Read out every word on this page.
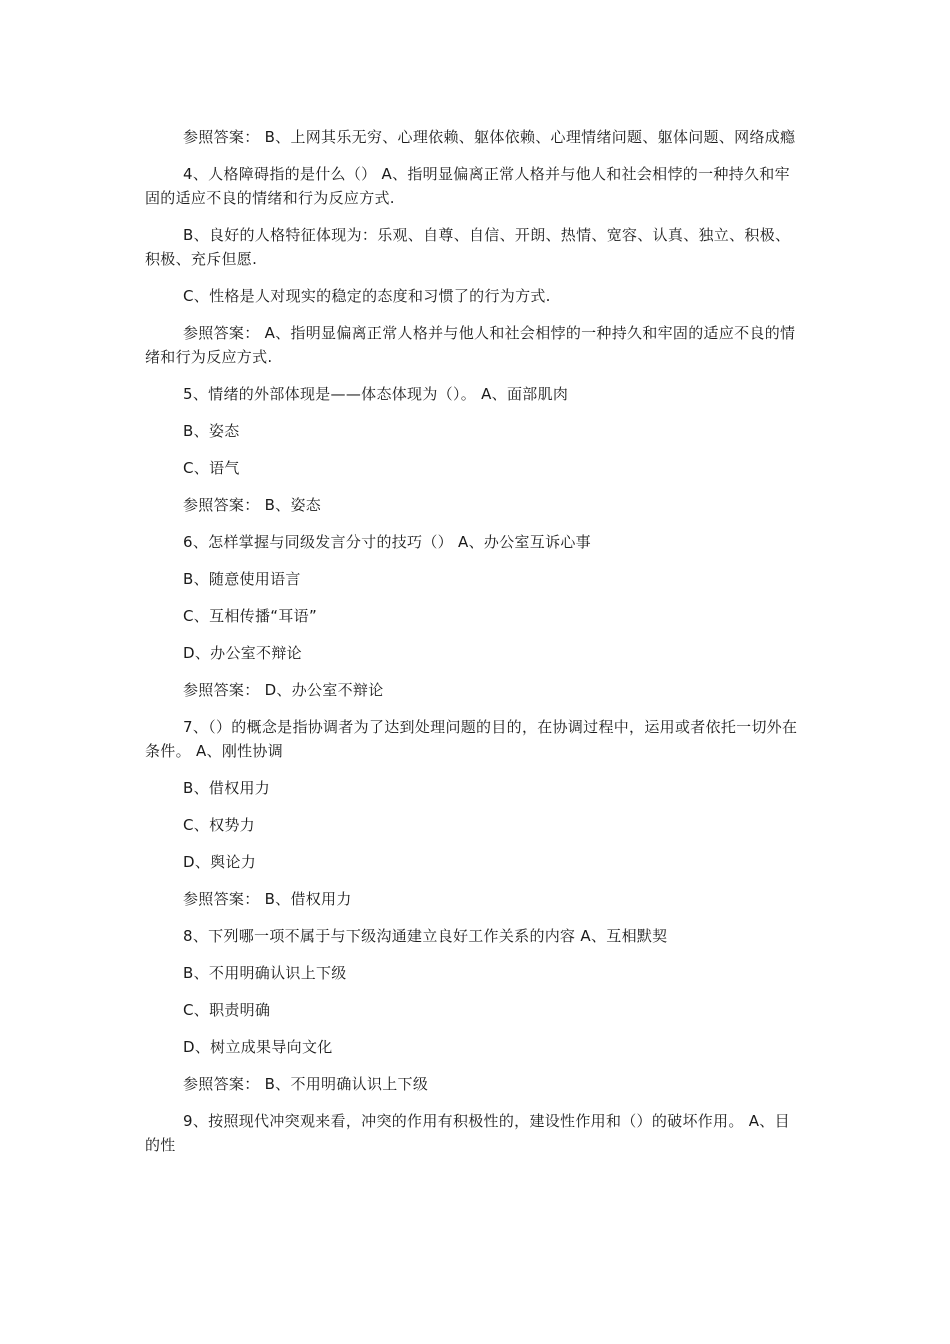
参照答案： B、上网其乐无穷、心理依赖、躯体依赖、心理情绪问题、躯体问题、网络成瘾

4、人格障碍指的是什么（） A、指明显偏离正常人格并与他人和社会相悖的一种持久和牢固的适应不良的情绪和行为反应方式.

B、良好的人格特征体现为：乐观、自尊、自信、开朗、热情、宽容、认真、独立、积极、积极、充斥但愿.

C、性格是人对现实的稳定的态度和习惯了的行为方式.

参照答案： A、指明显偏离正常人格并与他人和社会相悖的一种持久和牢固的适应不良的情绪和行为反应方式.

5、情绪的外部体现是——体态体现为（）。 A、面部肌肉

B、姿态

C、语气

参照答案： B、姿态

6、怎样掌握与同级发言分寸的技巧（） A、办公室互诉心事

B、随意使用语言

C、互相传播“耳语”

D、办公室不辩论

参照答案： D、办公室不辩论

7、（）的概念是指协调者为了达到处理问题的目的，在协调过程中，运用或者依托一切外在条件。 A、刚性协调

B、借权用力

C、权势力

D、舆论力

参照答案： B、借权用力

8、下列哪一项不属于与下级沟通建立良好工作关系的内容 A、互相默契

B、不用明确认识上下级

C、职责明确

D、树立成果导向文化

参照答案： B、不用明确认识上下级

9、按照现代冲突观来看，冲突的作用有积极性的，建设性作用和（）的破坏作用。 A、目的性
